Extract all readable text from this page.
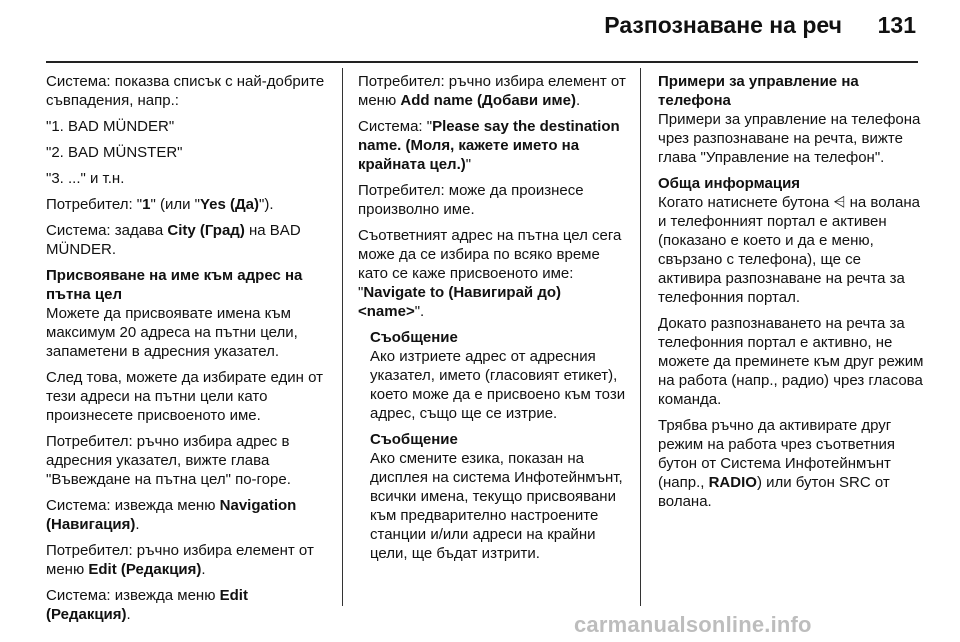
Разпознаване на реч 131

Система: показва списък с най-добрите съвпадения, напр.:

"1. BAD MÜNDER"

"2. BAD MÜNSTER"

"3. ..." и т.н.

Потребител: "1" (или "Yes (Да)").

Система: задава City (Град) на BAD MÜNDER.

Присвояване на име към адрес на пътна цел

Можете да присвоявате имена към максимум 20 адреса на пътни цели, запаметени в адресния указател.

След това, можете да избирате един от тези адреси на пътни цели като произнесете присвоеното име.

Потребител: ръчно избира адрес в адресния указател, вижте глава "Въвеждане на пътна цел" по-горе.

Система: извежда меню Navigation (Навигация).

Потребител: ръчно избира елемент от меню Edit (Редакция).

Система: извежда меню Edit (Редакция).

Потребител: ръчно избира елемент от меню Add name (Добави име).

Система: "Please say the destination name. (Моля, кажете името на крайната цел.)"

Потребител: може да произнесе произволно име.

Съответният адрес на пътна цел сега може да се избира по всяко време като се каже присвоеното име: "Navigate to (Навигирай до) <name>".

Съобщение

Ако изтриете адрес от адресния указател, името (гласовият етикет), което може да е присвоено към този адрес, също ще се изтрие.

Съобщение

Ако смените езика, показан на дисплея на система Инфотейнмънт, всички имена, текущо присвоявани към предварително настроените станции и/или адреси на крайни цели, ще бъдат изтрити.

Примери за управление на телефона

Примери за управление на телефона чрез разпознаване на речта, вижте глава "Управление на телефон".

Обща информация

Когато натиснете бутона ⩤ на волана и телефонният портал е активен (показано е което и да е меню, свързано с телефона), ще се активира разпознаване на речта за телефонния портал.

Докато разпознаването на речта за телефонния портал е активно, не можете да преминете към друг режим на работа (напр., радио) чрез гласова команда.

Трябва ръчно да активирате друг режим на работа чрез съответния бутон от Система Инфотейнмънт (напр., RADIO) или бутон SRC от волана.

carmanualsonline.info
